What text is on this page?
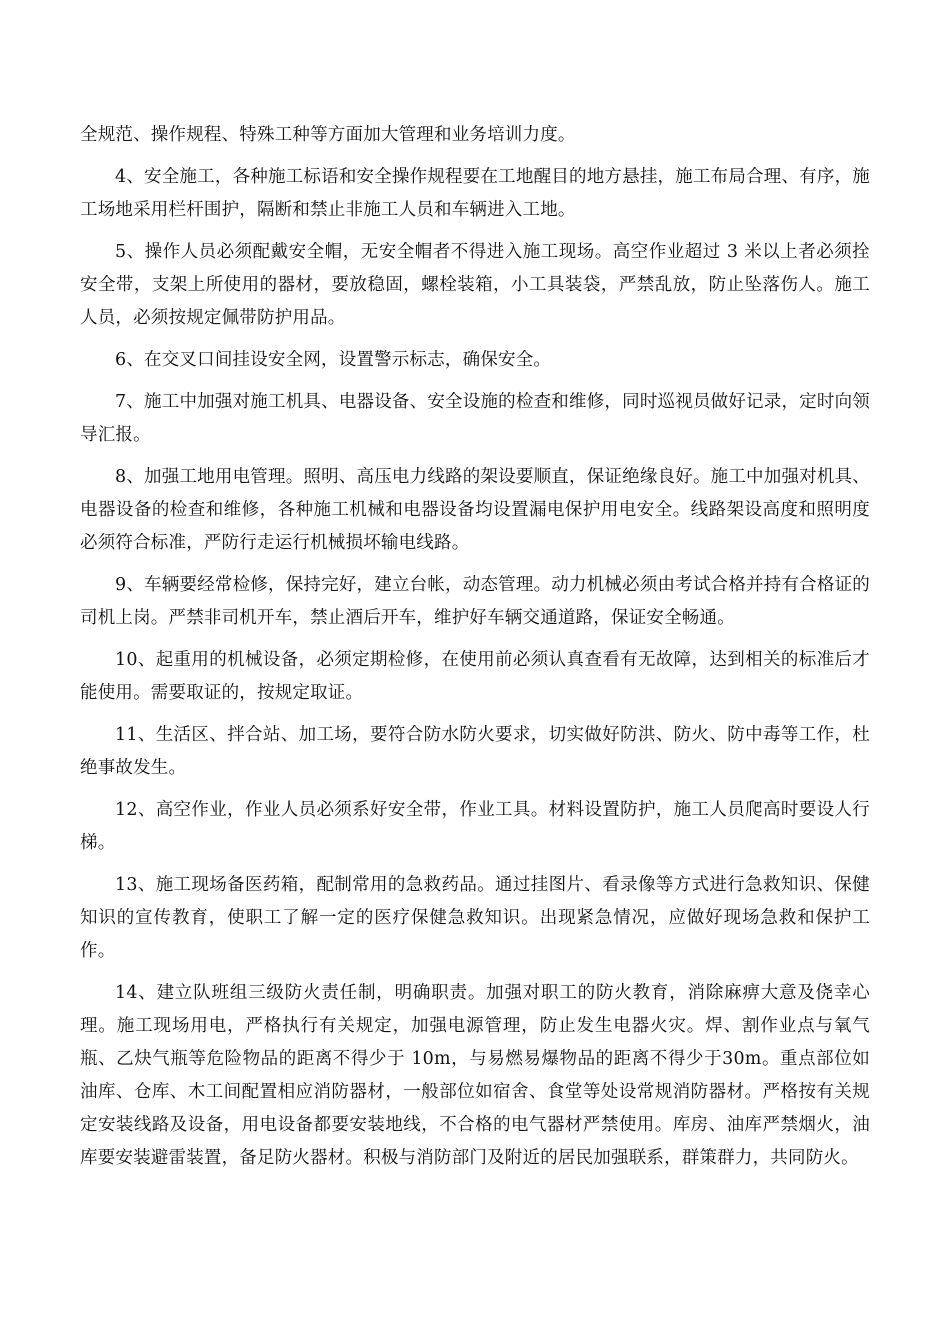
全规范、操作规程、特殊工种等方面加大管理和业务培训力度。

4、安全施工，各种施工标语和安全操作规程要在工地醒目的地方悬挂，施工布局合理、有序，施工场地采用栏杆围护，隔断和禁止非施工人员和车辆进入工地。

5、操作人员必须配戴安全帽，无安全帽者不得进入施工现场。高空作业超过 3 米以上者必须拴安全带，支架上所使用的器材，要放稳固，螺栓装箱，小工具装袋，严禁乱放，防止坠落伤人。施工人员，必须按规定佩带防护用品。

6、在交叉口间挂设安全网，设置警示标志，确保安全。

7、施工中加强对施工机具、电器设备、安全设施的检查和维修，同时巡视员做好记录，定时向领导汇报。

8、加强工地用电管理。照明、高压电力线路的架设要顺直，保证绝缘良好。施工中加强对机具、电器设备的检查和维修，各种施工机械和电器设备均设置漏电保护用电安全。线路架设高度和照明度必须符合标准，严防行走运行机械损坏输电线路。

9、车辆要经常检修，保持完好，建立台帐，动态管理。动力机械必须由考试合格并持有合格证的司机上岗。严禁非司机开车，禁止酒后开车，维护好车辆交通道路，保证安全畅通。

10、起重用的机械设备，必须定期检修，在使用前必须认真查看有无故障，达到相关的标准后才能使用。需要取证的，按规定取证。

11、生活区、拌合站、加工场，要符合防水防火要求，切实做好防洪、防火、防中毒等工作，杜绝事故发生。

12、高空作业，作业人员必须系好安全带，作业工具。材料设置防护，施工人员爬高时要设人行梯。

13、施工现场备医药箱，配制常用的急救药品。通过挂图片、看录像等方式进行急救知识、保健知识的宣传教育，使职工了解一定的医疗保健急救知识。出现紧急情况，应做好现场急救和保护工作。

14、建立队班组三级防火责任制，明确职责。加强对职工的防火教育，消除麻痹大意及侥幸心理。施工现场用电，严格执行有关规定，加强电源管理，防止发生电器火灾。焊、割作业点与氧气瓶、乙炔气瓶等危险物品的距离不得少于 10m，与易燃易爆物品的距离不得少于30m。重点部位如油库、仓库、木工间配置相应消防器材，一般部位如宿舍、食堂等处设常规消防器材。严格按有关规定安装线路及设备，用电设备都要安装地线，不合格的电气器材严禁使用。库房、油库严禁烟火，油库要安装避雷装置，备足防火器材。积极与消防部门及附近的居民加强联系，群策群力，共同防火。
